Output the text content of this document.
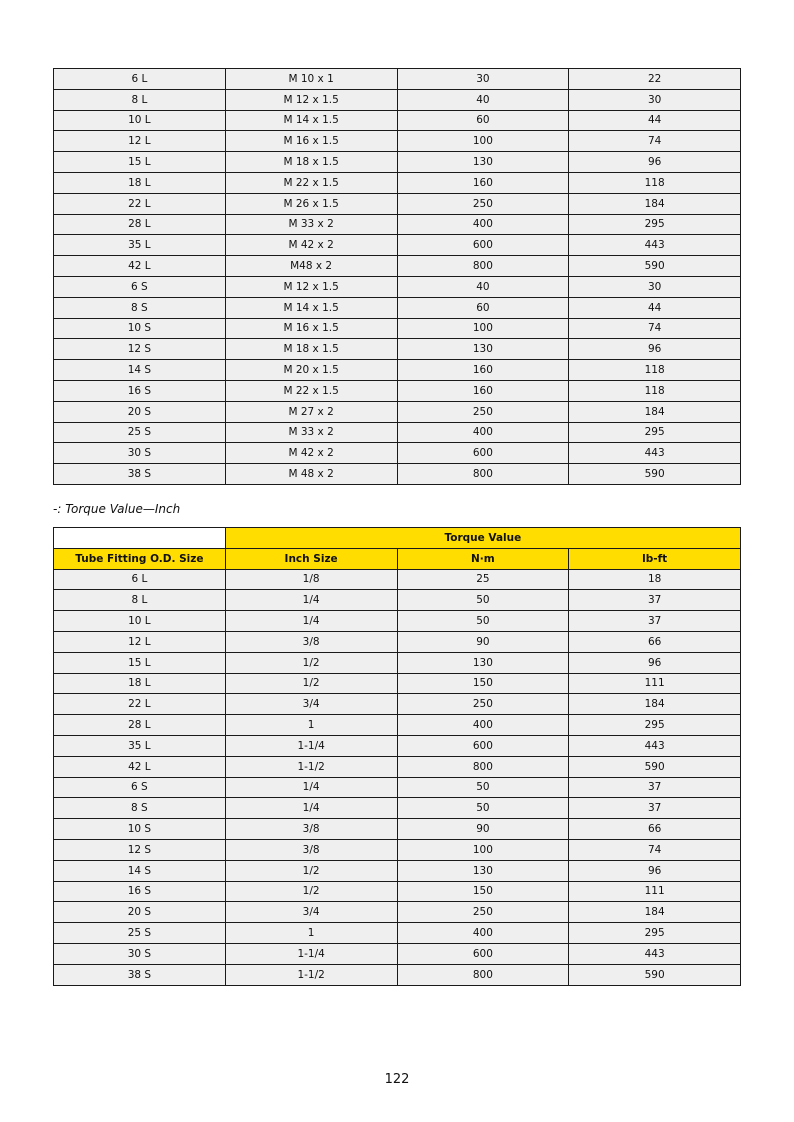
6 L	M 10 x 1	30	22
8 L	M 12 x 1.5	40	30
10 L	M 14 x 1.5	60	44
12 L	M 16 x 1.5	100	74
15 L	M 18 x 1.5	130	96
18 L	M 22 x 1.5	160	118
22 L	M 26 x 1.5	250	184
28 L	M 33 x 2	400	295
35 L	M 42 x 2	600	443
42 L	M48 x 2	800	590
6 S	M 12 x 1.5	40	30
8 S	M 14 x 1.5	60	44
10 S	M 16 x 1.5	100	74
12 S	M 18 x 1.5	130	96
14 S	M 20 x 1.5	160	118
16 S	M 22 x 1.5	160	118
20 S	M 27 x 2	250	184
25 S	M 33 x 2	400	295
30 S	M 42 x 2	600	443
38 S	M 48 x 2	800	590
-: Torque Value—Inch
	Torque Value		
Tube Fitting O.D. Size	Inch Size	N·m	lb-ft
6 L	1/8	25	18
8 L	1/4	50	37
10 L	1/4	50	37
12 L	3/8	90	66
15 L	1/2	130	96
18 L	1/2	150	111
22 L	3/4	250	184
28 L	1	400	295
35 L	1-1/4	600	443
42 L	1-1/2	800	590
6 S	1/4	50	37
8 S	1/4	50	37
10 S	3/8	90	66
12 S	3/8	100	74
14 S	1/2	130	96
16 S	1/2	150	111
20 S	3/4	250	184
25 S	1	400	295
30 S	1-1/4	600	443
38 S	1-1/2	800	590
122
